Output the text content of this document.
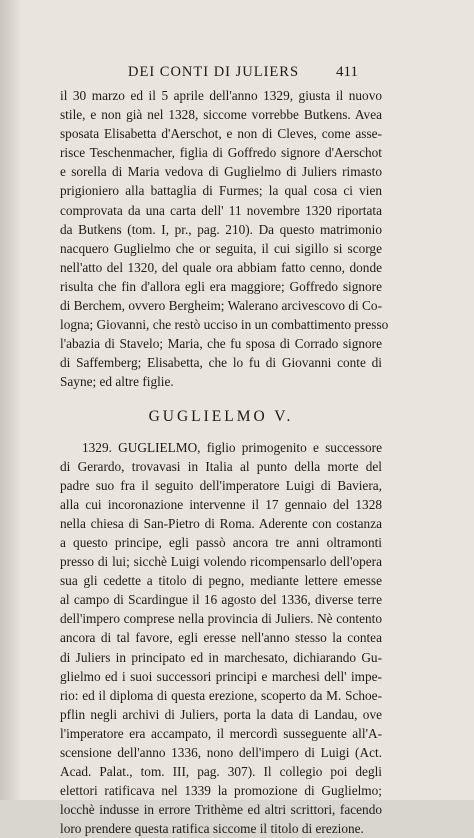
DEI CONTI DI JULIERS 411
il 30 marzo ed il 5 aprile dell'anno 1329, giusta il nuovo
stile, e non già nel 1328, siccome vorrebbe Butkens. Avea
sposata Elisabetta d'Aerschot, e non di Cleves, come asse-
risce Teschenmacher, figlia di Goffredo signore d'Aerschot
e sorella di Maria vedova di Guglielmo di Juliers rimasto
prigioniero alla battaglia di Furmes; la qual cosa ci vien
comprovata da una carta dell' 11 novembre 1320 riportata
da Butkens (tom. I, pr., pag. 210). Da questo matrimonio
nacquero Guglielmo che or seguita, il cui sigillo si scorge
nell'atto del 1320, del quale ora abbiam fatto cenno, donde
risulta che fin d'allora egli era maggiore; Goffredo signore
di Berchem, ovvero Bergheim; Walerano arcivescovo di Co-
logna; Giovanni, che restò ucciso in un combattimento presso
l'abazia di Stavelo; Maria, che fu sposa di Corrado signore
di Saffemberg; Elisabetta, che lo fu di Giovanni conte di
Sayne; ed altre figlie.
GUGLIELMO V.
1329. GUGLIELMO, figlio primogenito e successore
di Gerardo, trovavasi in Italia al punto della morte del
padre suo fra il seguito dell'imperatore Luigi di Baviera,
alla cui incoronazione intervenne il 17 gennaio del 1328
nella chiesa di San-Pietro di Roma. Aderente con costanza
a questo principe, egli passò ancora tre anni oltramonti
presso di lui; sicchè Luigi volendo ricompensarlo dell'opera
sua gli cedette a titolo di pegno, mediante lettere emesse
al campo di Scardingue il 16 agosto del 1336, diverse terre
dell'impero comprese nella provincia di Juliers. Nè contento
ancora di tal favore, egli eresse nell'anno stesso la contea
di Juliers in principato ed in marchesato, dichiarando Gu-
glielmo ed i suoi successori principi e marchesi dell' impe-
rio: ed il diploma di questa erezione, scoperto da M. Schoe-
pflin negli archivi di Juliers, porta la data di Landau, ove
l'imperatore era accampato, il mercordì susseguente all'A-
scensione dell'anno 1336, nono dell'impero di Luigi (Act.
Acad. Palat., tom. III, pag. 307). Il collegio poi degli
elettori ratificava nel 1339 la promozione di Guglielmo;
locchè indusse in errore Trithème ed altri scrittori, facendo
loro prendere questa ratifica siccome il titolo di erezione.
